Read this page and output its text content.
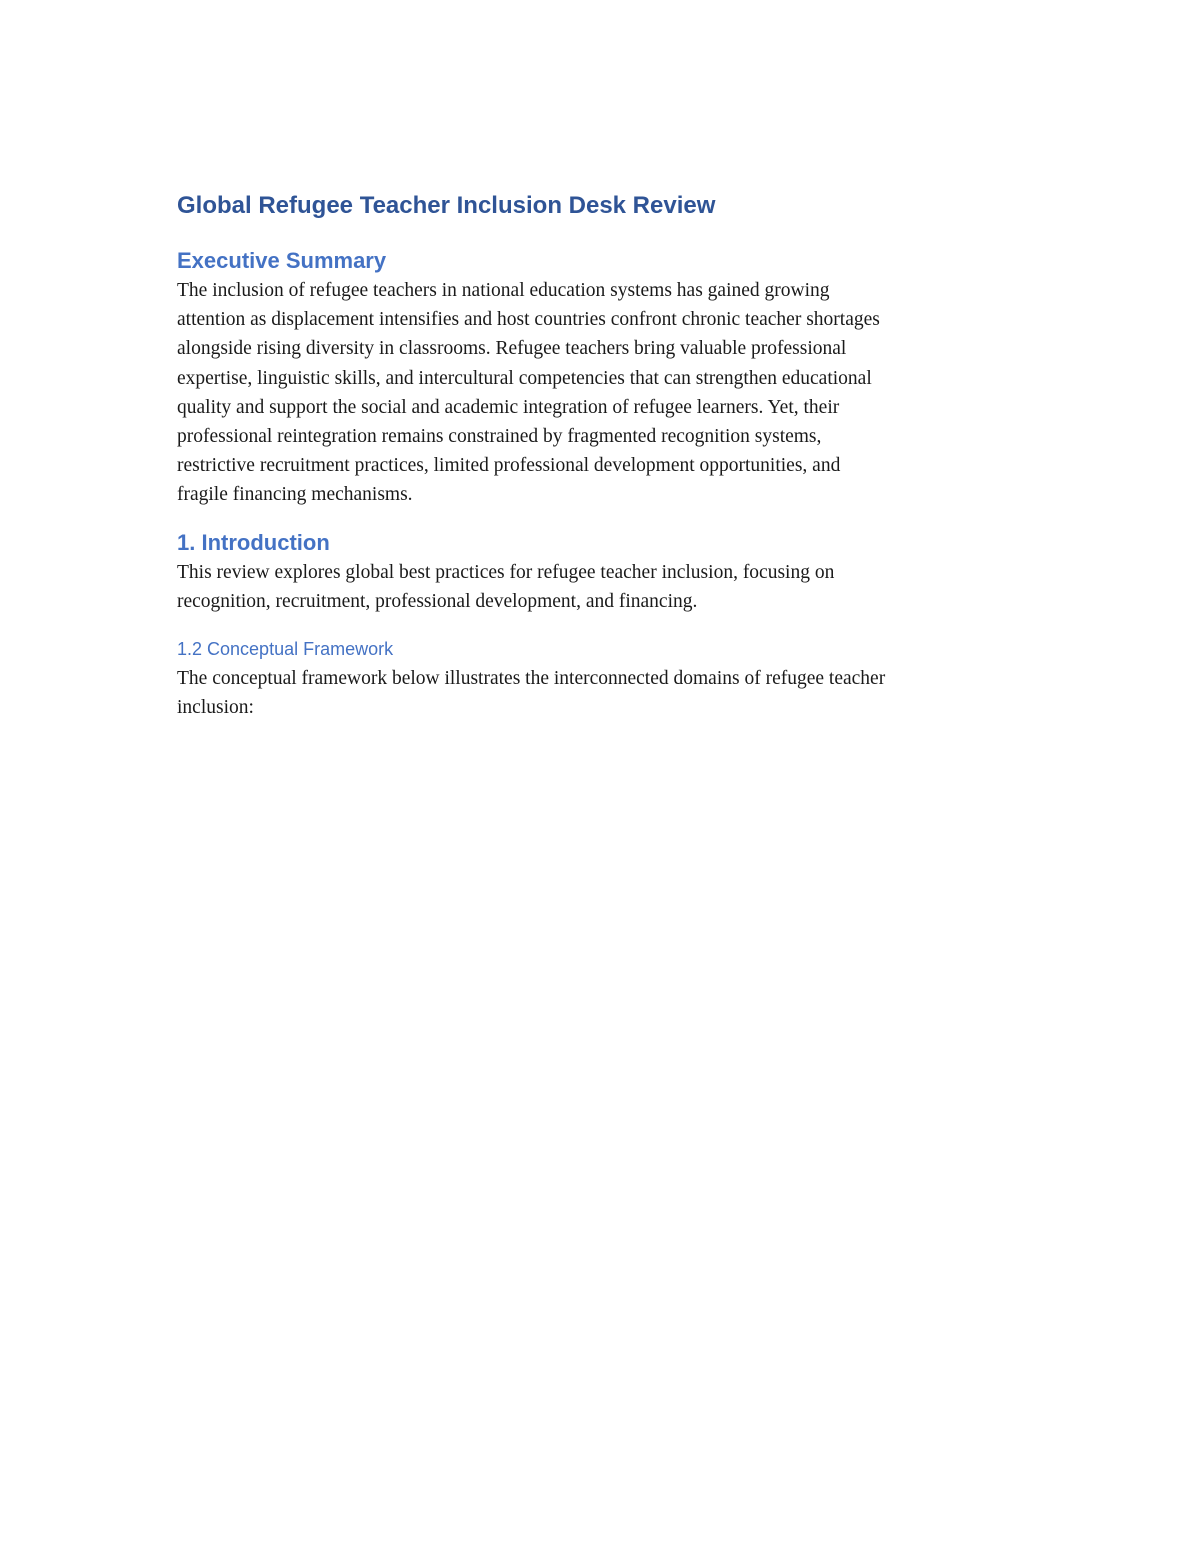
Global Refugee Teacher Inclusion Desk Review
Executive Summary

The inclusion of refugee teachers in national education systems has gained growing
attention as displacement intensifies and host countries confront chronic teacher shortages
alongside rising diversity in classrooms. Refugee teachers bring valuable professional
expertise, linguistic skills, and intercultural competencies that can strengthen educational
quality and support the social and academic integration of refugee learners. Yet, their
professional reintegration remains constrained by fragmented recognition systems,
restrictive recruitment practices, limited professional development opportunities, and
fragile financing mechanisms.

1. Introduction

This review explores global best practices for refugee teacher inclusion, focusing on
recognition, recruitment, professional development, and financing.

1.2 Conceptual Framework

The conceptual framework below illustrates the interconnected domains of refugee teacher
inclusion:
